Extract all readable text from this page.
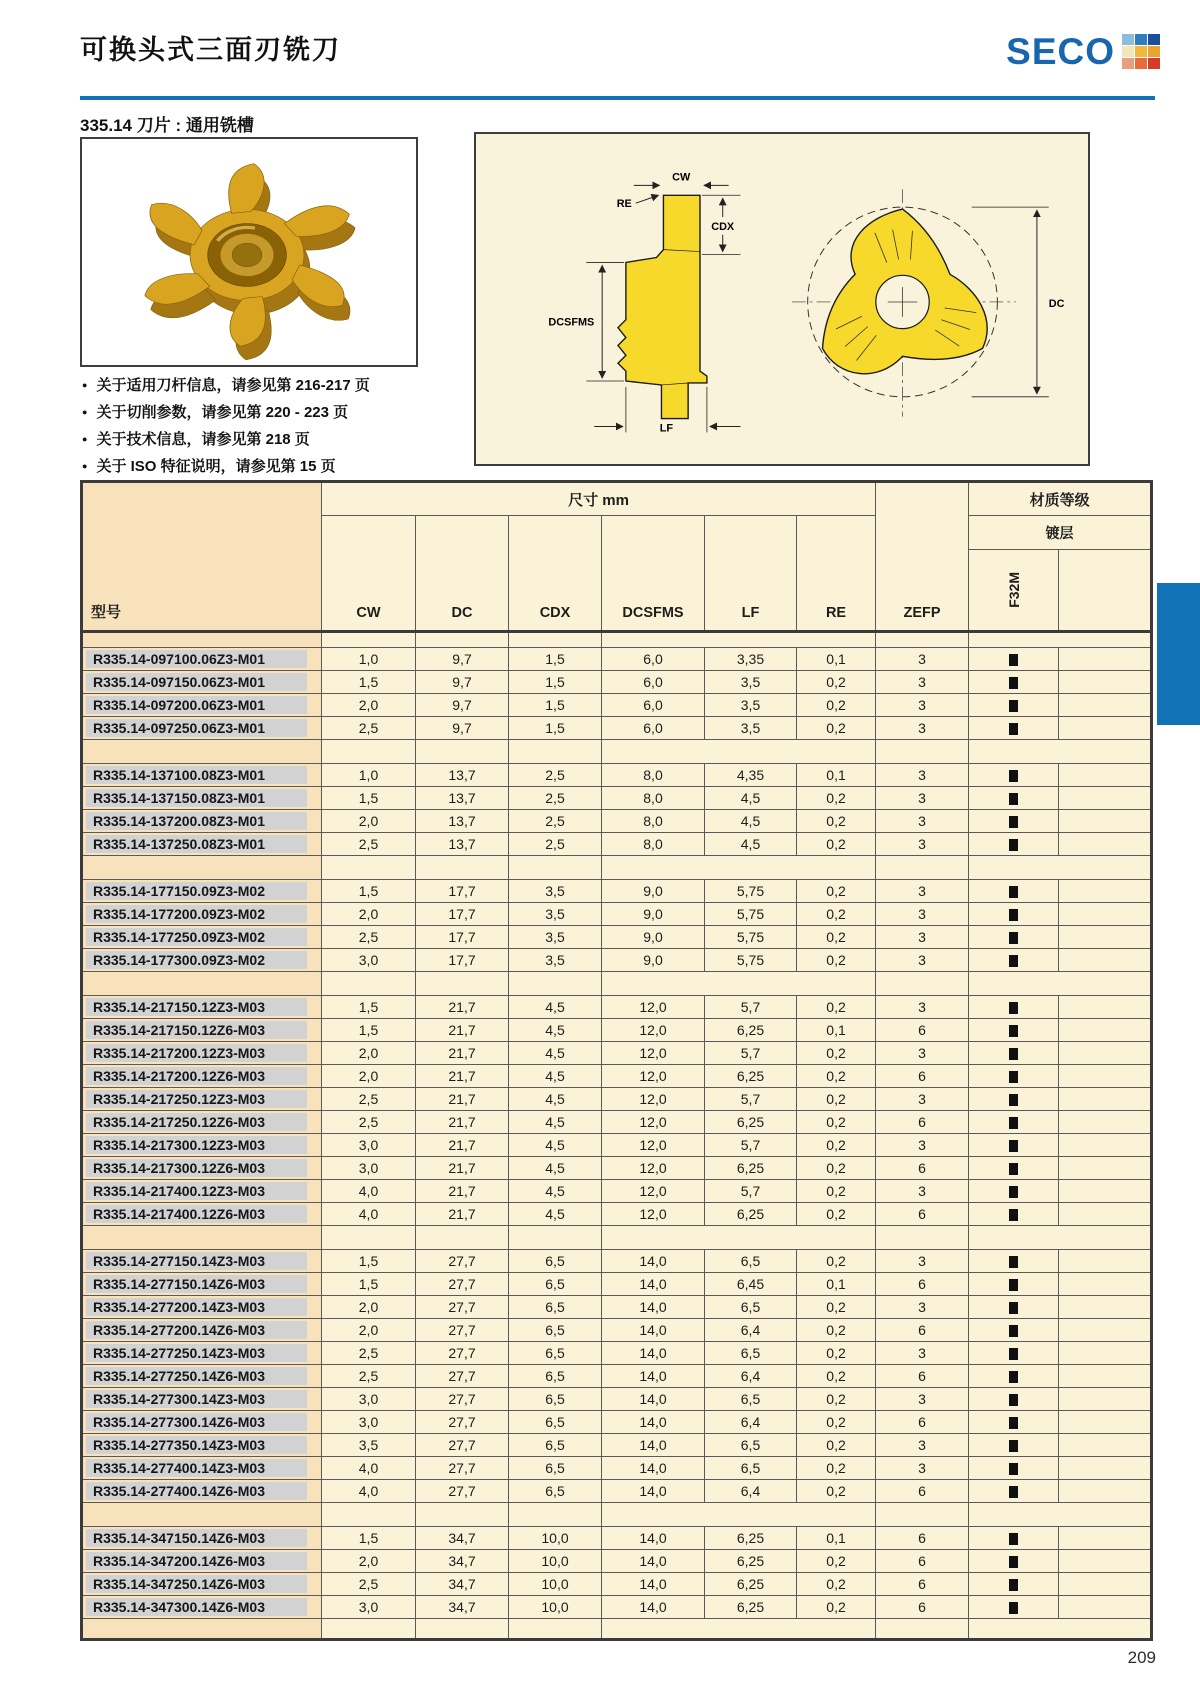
可换头式三面刃铣刀	SECO
335.14 刀片 : 通用铣槽
CW
RE
CDX
DCSFMS
LF
DC
● 关于适用刀杆信息，请参见第 216-217 页
● 关于切削参数，请参见第 220 - 223 页
● 关于技术信息，请参见第 218 页
● 关于 ISO 特征说明，请参见第 15 页
型号	尺寸 mm						ZEFP	材质等级	
	CW	DC	CDX	DCSFMS	LF	RE		镀层	

								F32M	

R335.14-097100.06Z3-M01	1,0	9,7	1,5	6,0	3,35	0,1	3		

R335.14-097150.06Z3-M01	1,5	9,7	1,5	6,0	3,5	0,2	3		

R335.14-097200.06Z3-M01	2,0	9,7	1,5	6,0	3,5	0,2	3		

R335.14-097250.06Z3-M01	2,5	9,7	1,5	6,0	3,5	0,2	3		

R335.14-137100.08Z3-M01	1,0	13,7	2,5	8,0	4,35	0,1	3		

R335.14-137150.08Z3-M01	1,5	13,7	2,5	8,0	4,5	0,2	3		

R335.14-137200.08Z3-M01	2,0	13,7	2,5	8,0	4,5	0,2	3		

R335.14-137250.08Z3-M01	2,5	13,7	2,5	8,0	4,5	0,2	3		

R335.14-177150.09Z3-M02	1,5	17,7	3,5	9,0	5,75	0,2	3		

R335.14-177200.09Z3-M02	2,0	17,7	3,5	9,0	5,75	0,2	3		

R335.14-177250.09Z3-M02	2,5	17,7	3,5	9,0	5,75	0,2	3		

R335.14-177300.09Z3-M02	3,0	17,7	3,5	9,0	5,75	0,2	3		

R335.14-217150.12Z3-M03	1,5	21,7	4,5	12,0	5,7	0,2	3		

R335.14-217150.12Z6-M03	1,5	21,7	4,5	12,0	6,25	0,1	6		

R335.14-217200.12Z3-M03	2,0	21,7	4,5	12,0	5,7	0,2	3		

R335.14-217200.12Z6-M03	2,0	21,7	4,5	12,0	6,25	0,2	6		

R335.14-217250.12Z3-M03	2,5	21,7	4,5	12,0	5,7	0,2	3		

R335.14-217250.12Z6-M03	2,5	21,7	4,5	12,0	6,25	0,2	6		

R335.14-217300.12Z3-M03	3,0	21,7	4,5	12,0	5,7	0,2	3		

R335.14-217300.12Z6-M03	3,0	21,7	4,5	12,0	6,25	0,2	6		

R335.14-217400.12Z3-M03	4,0	21,7	4,5	12,0	5,7	0,2	3		

R335.14-217400.12Z6-M03	4,0	21,7	4,5	12,0	6,25	0,2	6		

R335.14-277150.14Z3-M03	1,5	27,7	6,5	14,0	6,5	0,2	3		

R335.14-277150.14Z6-M03	1,5	27,7	6,5	14,0	6,45	0,1	6		

R335.14-277200.14Z3-M03	2,0	27,7	6,5	14,0	6,5	0,2	3		

R335.14-277200.14Z6-M03	2,0	27,7	6,5	14,0	6,4	0,2	6		

R335.14-277250.14Z3-M03	2,5	27,7	6,5	14,0	6,5	0,2	3		

R335.14-277250.14Z6-M03	2,5	27,7	6,5	14,0	6,4	0,2	6		

R335.14-277300.14Z3-M03	3,0	27,7	6,5	14,0	6,5	0,2	3		

R335.14-277300.14Z6-M03	3,0	27,7	6,5	14,0	6,4	0,2	6		

R335.14-277350.14Z3-M03	3,5	27,7	6,5	14,0	6,5	0,2	3		

R335.14-277400.14Z3-M03	4,0	27,7	6,5	14,0	6,5	0,2	3		

R335.14-277400.14Z6-M03	4,0	27,7	6,5	14,0	6,4	0,2	6		

R335.14-347150.14Z6-M03	1,5	34,7	10,0	14,0	6,25	0,1	6		

R335.14-347200.14Z6-M03	2,0	34,7	10,0	14,0	6,25	0,2	6		

R335.14-347250.14Z6-M03	2,5	34,7	10,0	14,0	6,25	0,2	6		

R335.14-347300.14Z6-M03	3,0	34,7	10,0	14,0	6,25	0,2	6		

209
